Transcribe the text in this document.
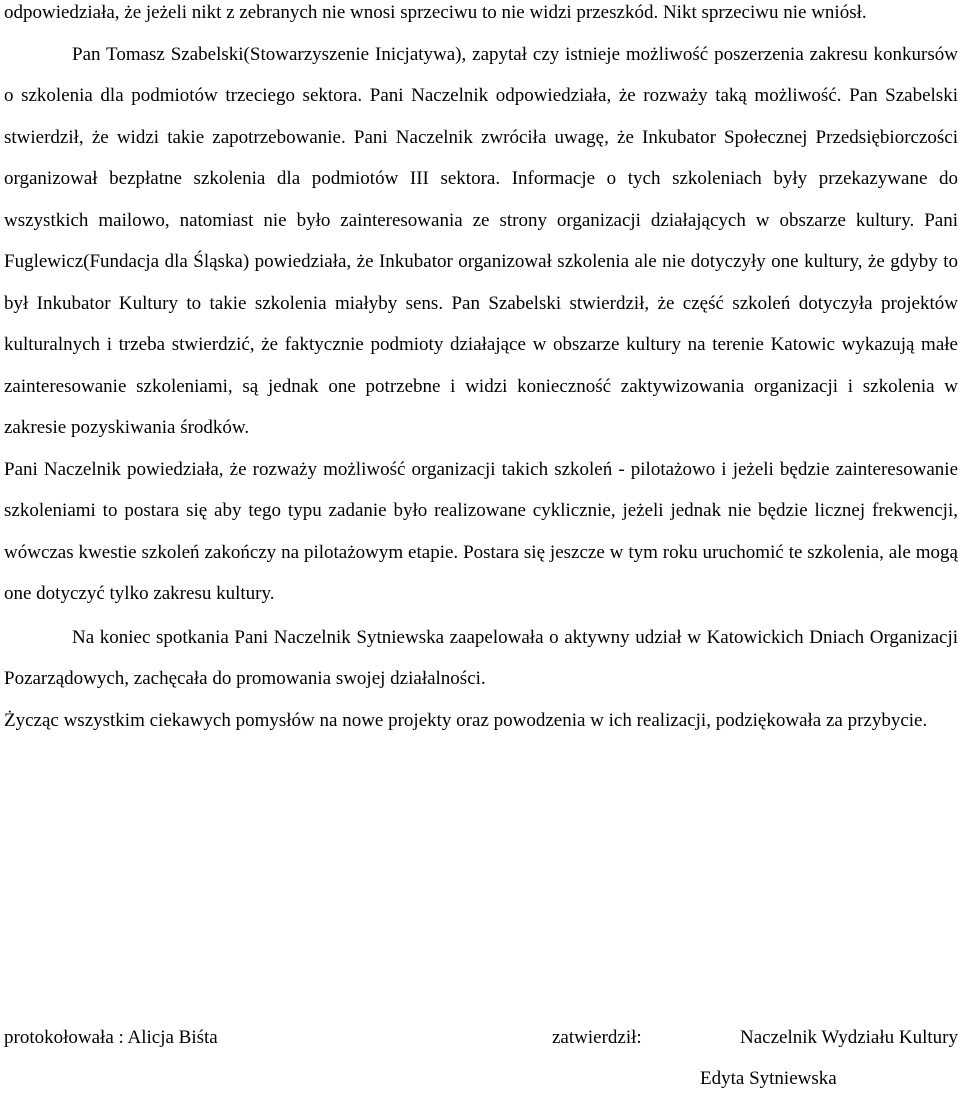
odpowiedziała, że jeżeli nikt z zebranych nie wnosi sprzeciwu to nie widzi przeszkód. Nikt sprzeciwu nie wniósł.

Pan Tomasz Szabelski(Stowarzyszenie Inicjatywa), zapytał czy istnieje możliwość poszerzenia zakresu konkursów o szkolenia dla podmiotów trzeciego sektora. Pani Naczelnik odpowiedziała, że rozważy taką możliwość. Pan Szabelski stwierdził, że widzi takie zapotrzebowanie. Pani Naczelnik zwróciła uwagę, że Inkubator Społecznej Przedsiębiorczości organizował bezpłatne szkolenia dla podmiotów III sektora. Informacje o tych szkoleniach były przekazywane do wszystkich mailowo, natomiast nie było zainteresowania ze strony organizacji działających w obszarze kultury. Pani Fuglewicz(Fundacja dla Śląska) powiedziała, że Inkubator organizował szkolenia ale nie dotyczyły one kultury, że gdyby to był Inkubator Kultury to takie szkolenia miałyby sens. Pan Szabelski stwierdził, że część szkoleń dotyczyła projektów kulturalnych i trzeba stwierdzić, że faktycznie podmioty działające w obszarze kultury na terenie Katowic wykazują małe zainteresowanie szkoleniami, są jednak one potrzebne i widzi konieczność zaktywizowania organizacji i szkolenia w zakresie pozyskiwania środków.

Pani Naczelnik powiedziała, że rozważy możliwość organizacji takich szkoleń - pilotażowo i jeżeli będzie zainteresowanie szkoleniami to postara się aby tego typu zadanie było realizowane cyklicznie, jeżeli jednak nie będzie licznej frekwencji, wówczas kwestie szkoleń zakończy na pilotażowym etapie. Postara się jeszcze w tym roku uruchomić te szkolenia, ale mogą one dotyczyć tylko zakresu kultury.

Na koniec spotkania Pani Naczelnik Sytniewska zaapelowała o aktywny udział w Katowickich Dniach Organizacji Pozarządowych, zachęcała do promowania swojej działalności.

Życząc wszystkim ciekawych pomysłów na nowe projekty oraz powodzenia w ich realizacji, podziękowała za przybycie.

protokołowała : Alicja Biśta	zatwierdził:	Naczelnik Wydziału Kultury
Edyta Sytniewska
